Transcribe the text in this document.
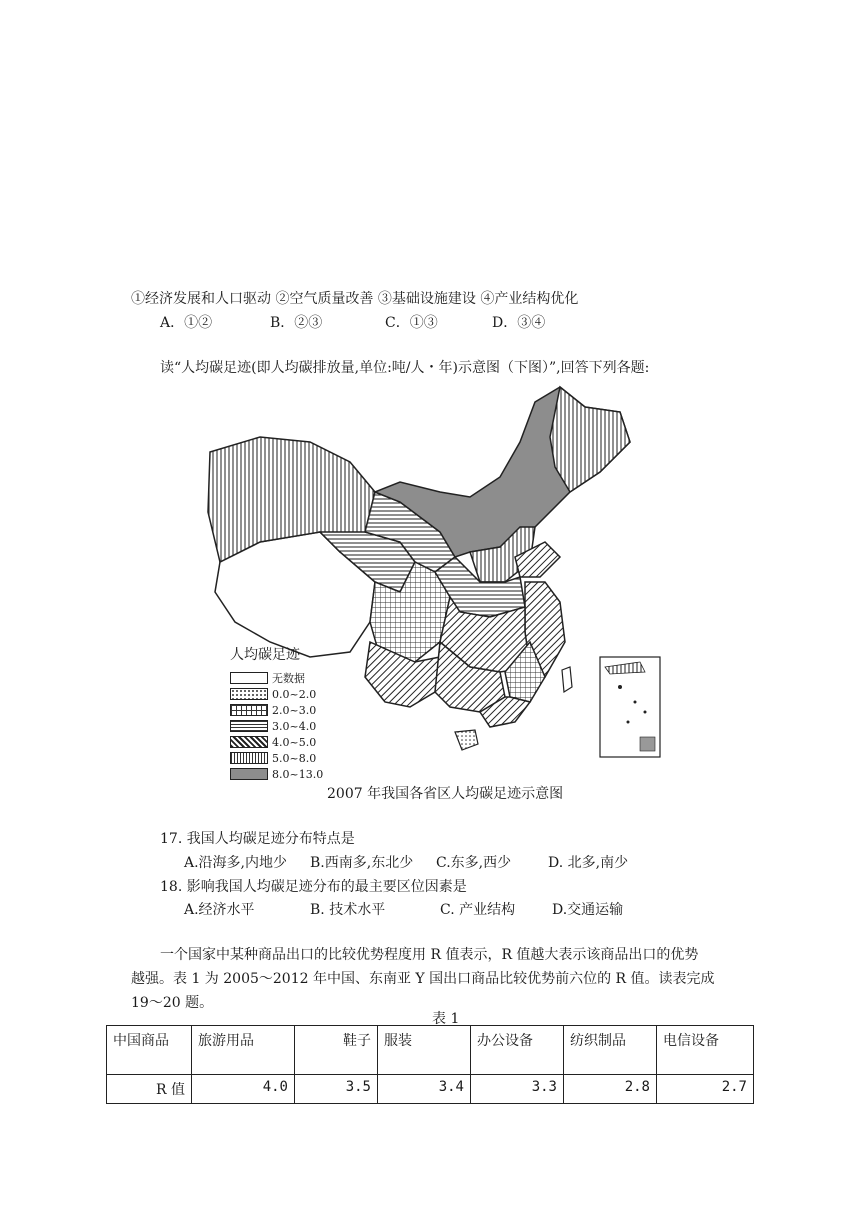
①经济发展和人口驱动 ②空气质量改善 ③基础设施建设 ④产业结构优化
A．①②	B．②③	C．①③	D．③④
读“人均碳足迹(即人均碳排放量,单位:吨/人・年)示意图（下图）”,回答下列各题:
人均碳足迹
无数据
0.0~2.0
2.0~3.0
3.0~4.0
4.0~5.0
5.0~8.0
8.0~13.0
2007 年我国各省区人均碳足迹示意图
17. 我国人均碳足迹分布特点是
A.沿海多,内地少 B.西南多,东北少 C.东多,西少	D. 北多,南少
18. 影响我国人均碳足迹分布的最主要区位因素是
A.经济水平	B. 技术水平	C. 产业结构	D.交通运输
一个国家中某种商品出口的比较优势程度用 R 值表示，R 值越大表示该商品出口的优势
越强。表 1 为 2005～2012 年中国、东南亚 Y 国出口商品比较优势前六位的 R 值。读表完成
19～20 题。
表 1
中国商品	旅游用品	鞋子	服装	办公设备	纺织制品	电信设备
R 值	4.0	3.5	3.4	3.3	2.8	2.7
